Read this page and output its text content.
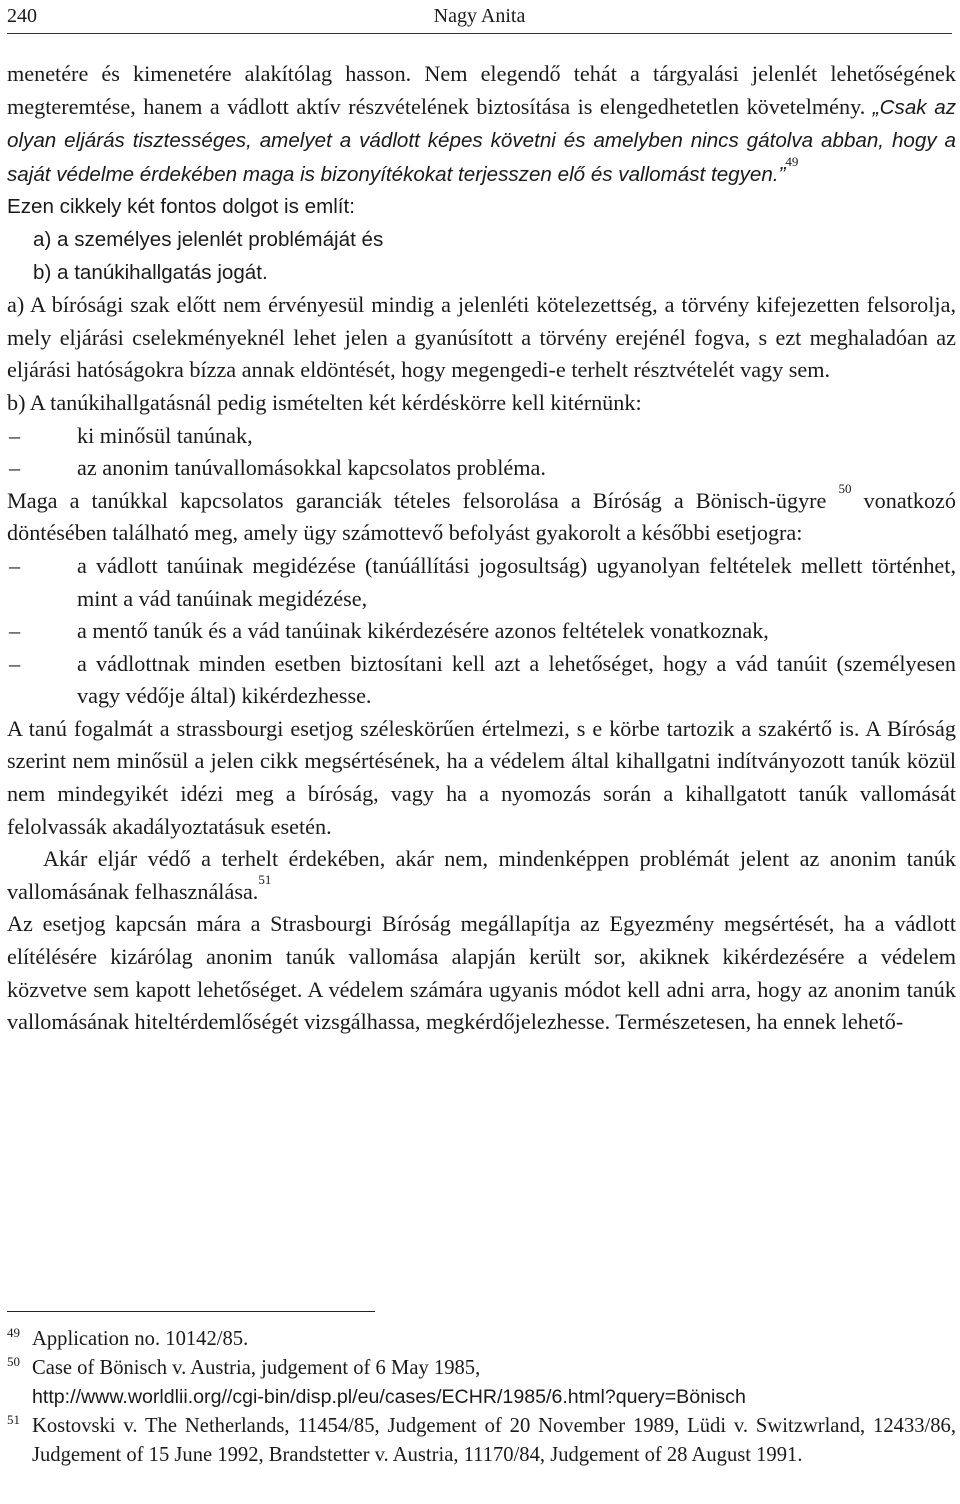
240	Nagy Anita

menetére és kimenetére alakítólag hasson. Nem elegendő tehát a tárgyalási jelenlét lehetőségének megteremtése, hanem a vádlott aktív részvételének biztosítása is elengedhetetlen követelmény. „Csak az olyan eljárás tisztességes, amelyet a vádlott képes követni és amelyben nincs gátolva abban, hogy a saját védelme érdekében maga is bizonyítékokat terjesszen elő és vallomást tegyen.”$^{49}$

Ezen cikkely két fontos dolgot is említ:

a) a személyes jelenlét problémáját és
b) a tanúkihallgatás jogát.

a) A bírósági szak előtt nem érvényesül mindig a jelenléti kötelezettség, a törvény kifejezetten felsorolja, mely eljárási cselekményeknél lehet jelen a gyanúsított a törvény erejénél fogva, s ezt meghaladóan az eljárási hatóságokra bízza annak eldöntését, hogy megengedi-e terhelt résztvételét vagy sem.

b) A tanúkihallgatásnál pedig ismételten két kérdéskörre kell kitérnünk:

–	ki minősül tanúnak,
–	az anonim tanúvallomásokkal kapcsolatos probléma.

Maga a tanúkkal kapcsolatos garanciák tételes felsorolása a Bíróság a Bönisch-ügyre $^{50}$ vonatkozó döntésében található meg, amely ügy számottevő befolyást gyakorolt a későbbi esetjogra:

–	a vádlott tanúinak megidézése (tanúállítási jogosultság) ugyanolyan feltételek mellett történhet, mint a vád tanúinak megidézése,
–	a mentő tanúk és a vád tanúinak kikérdezésére azonos feltételek vonatkoznak,
–	a vádlottnak minden esetben biztosítani kell azt a lehetőséget, hogy a vád tanúit (személyesen vagy védője által) kikérdezhesse.

A tanú fogalmát a strassbourgi esetjog széleskörűen értelmezi, s e körbe tartozik a szakértő is. A Bíróság szerint nem minősül a jelen cikk megsértésének, ha a védelem által kihallgatni indítványozott tanúk közül nem mindegyikét idézi meg a bíróság, vagy ha a nyomozás során a kihallgatott tanúk vallomását felolvassák akadályoztatásuk esetén.

Akár eljár védő a terhelt érdekében, akár nem, mindenképpen problémát jelent az anonim tanúk vallomásának felhasználása.$^{51}$

Az esetjog kapcsán mára a Strasbourgi Bíróság megállapítja az Egyezmény megsértését, ha a vádlott elítélésére kizárólag anonim tanúk vallomása alapján került sor, akiknek kikérdezésére a védelem közvetve sem kapott lehetőséget. A védelem számára ugyanis módot kell adni arra, hogy az anonim tanúk vallomásának hiteltérdemlőségét vizsgálhassa, megkérdőjelezhesse. Természetesen, ha ennek lehető-

49 Application no. 10142/85.

50 Case of Bönisch v. Austria, judgement of 6 May 1985,
http://www.worldlii.org//cgi-bin/disp.pl/eu/cases/ECHR/1985/6.html?query=Bönisch

51 Kostovski v. The Netherlands, 11454/85, Judgement of 20 November 1989, Lüdi v. Switzwrland, 12433/86, Judgement of 15 June 1992, Brandstetter v. Austria, 11170/84, Judgement of 28 August 1991.
